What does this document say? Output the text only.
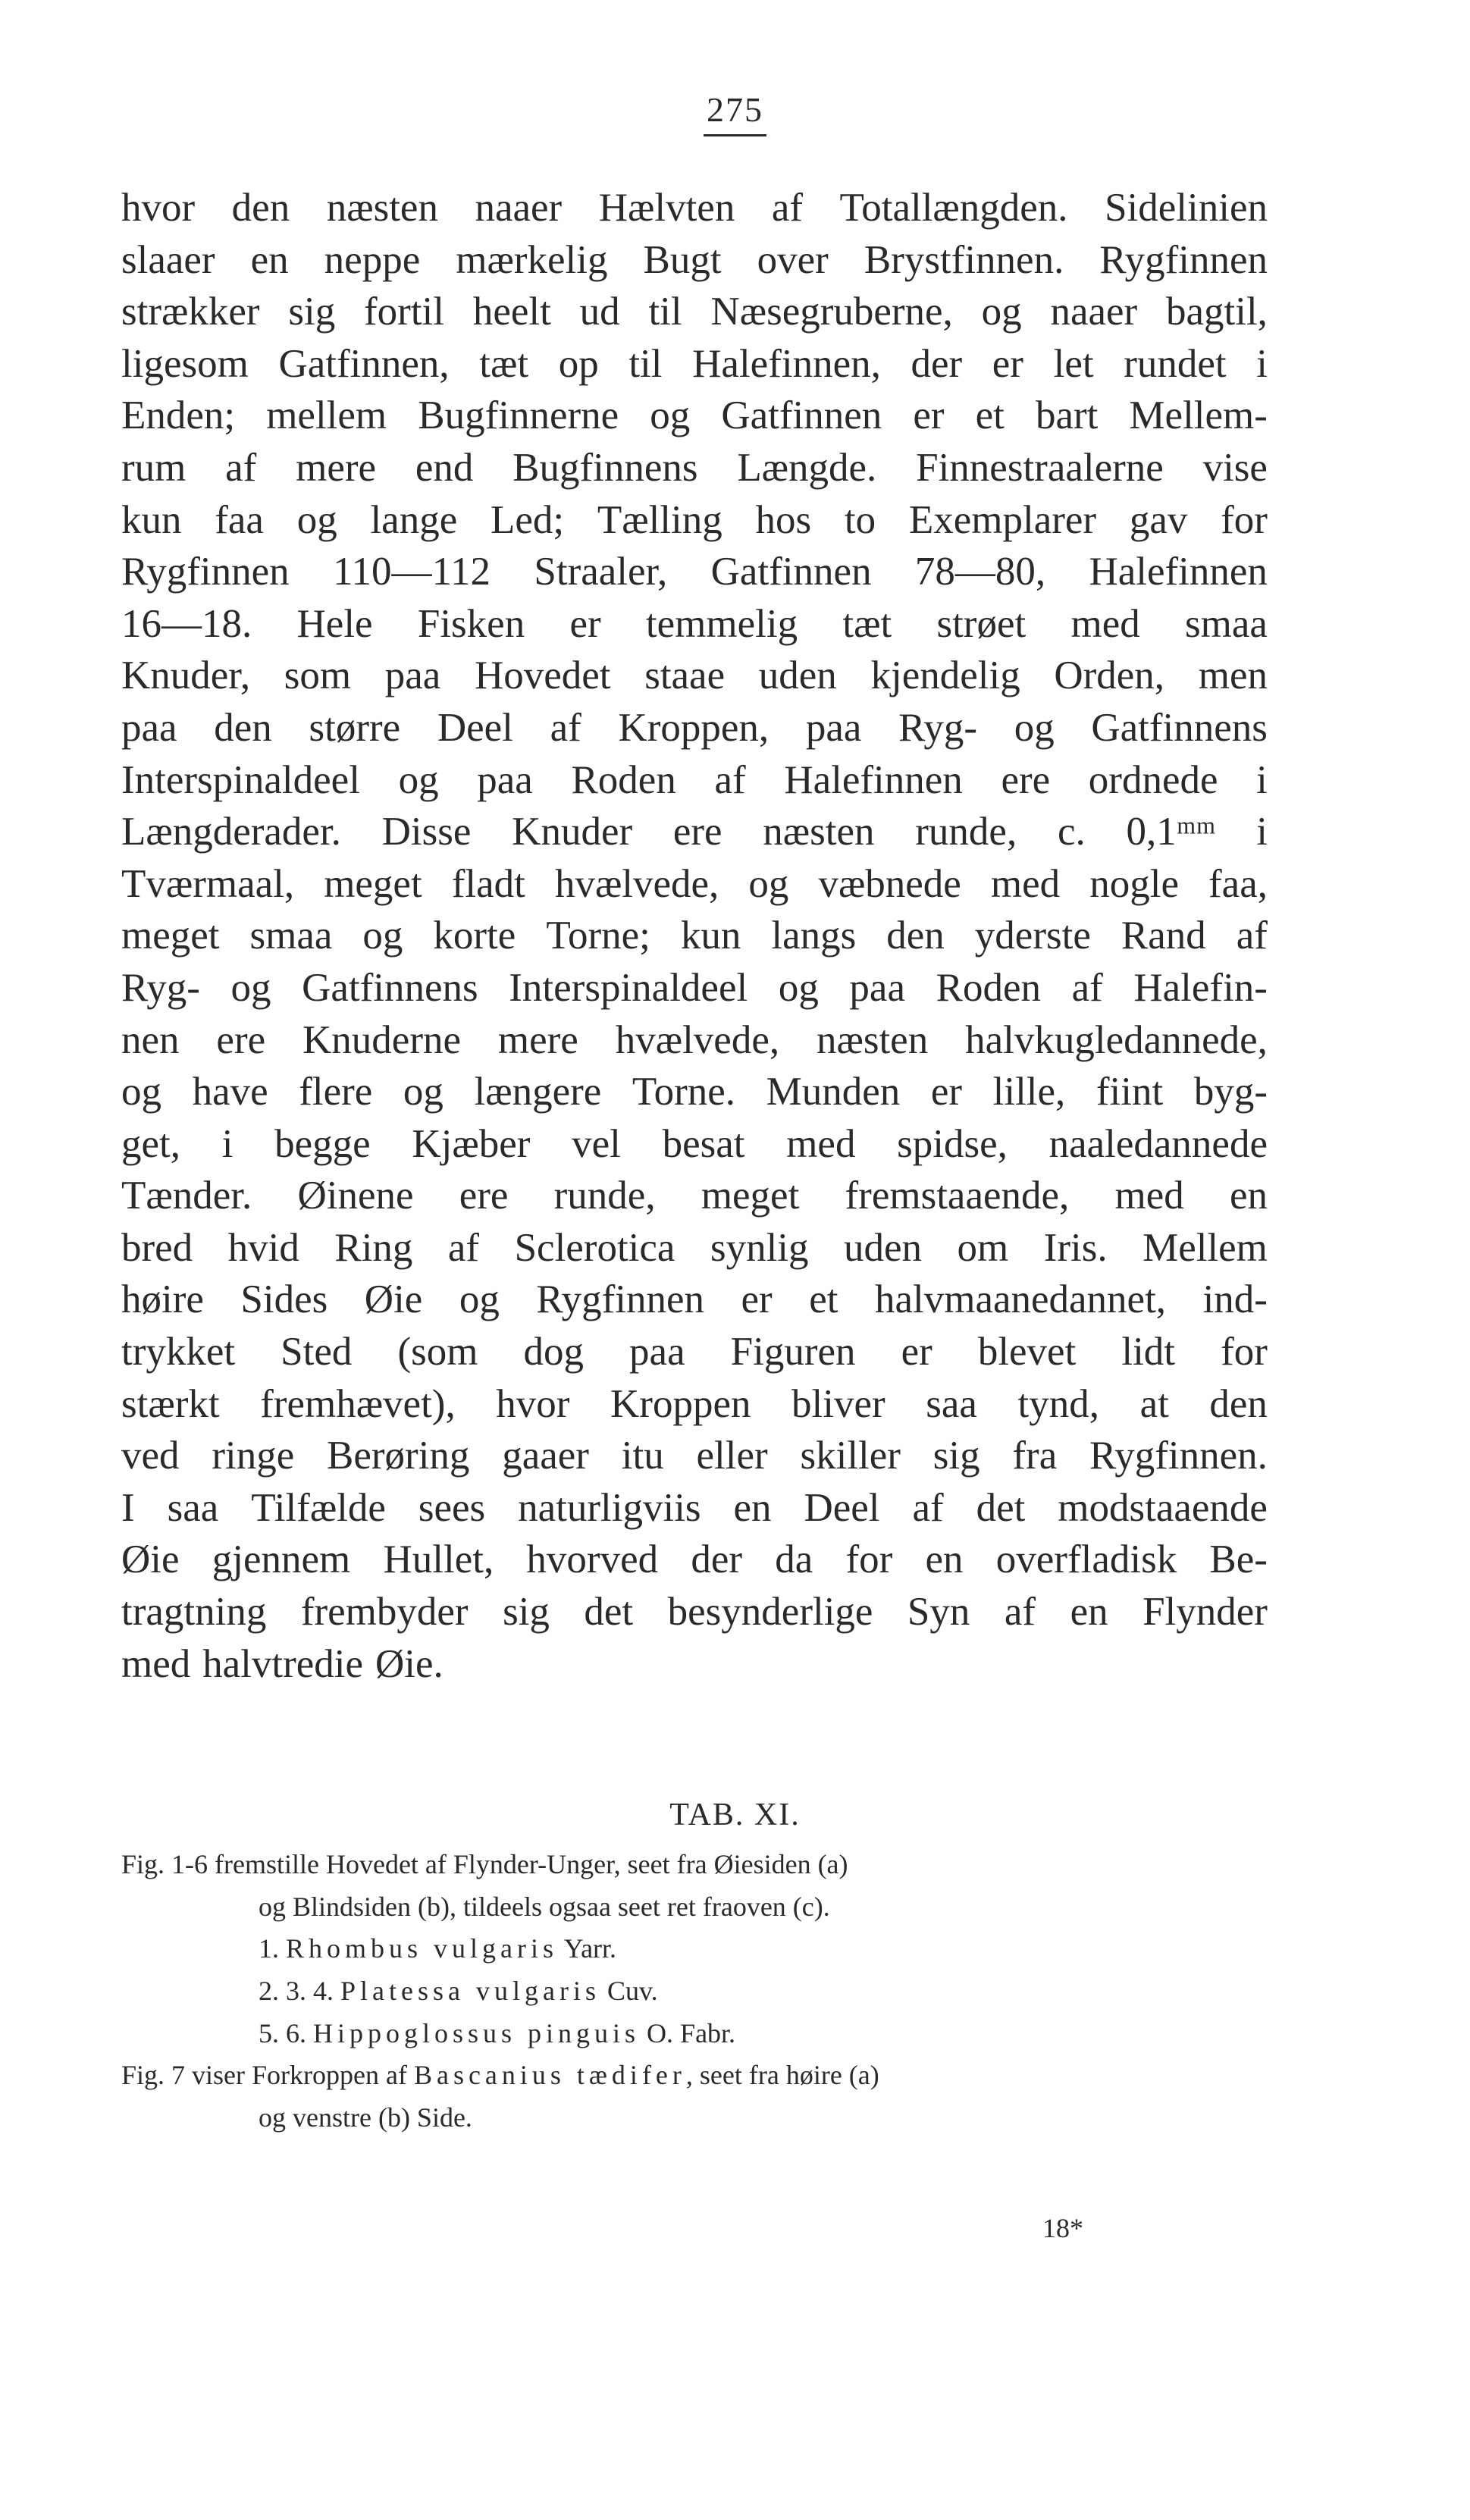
275
hvor den næsten naaer Hælvten af Totallængden. Sidelinien
slaaer en neppe mærkelig Bugt over Brystfinnen. Rygfinnen
strækker sig fortil heelt ud til Næsegruberne, og naaer bagtil,
ligesom Gatfinnen, tæt op til Halefinnen, der er let rundet i
Enden; mellem Bugfinnerne og Gatfinnen er et bart Mellem-
rum af mere end Bugfinnens Længde. Finnestraalerne vise
kun faa og lange Led; Tælling hos to Exemplarer gav for
Rygfinnen 110—112 Straaler, Gatfinnen 78—80, Halefinnen
16—18. Hele Fisken er temmelig tæt strøet med smaa
Knuder, som paa Hovedet staae uden kjendelig Orden, men
paa den større Deel af Kroppen, paa Ryg- og Gatfinnens
Interspinaldeel og paa Roden af Halefinnen ere ordnede i
Længderader. Disse Knuder ere næsten runde, c. 0,1ᵐᵐ i
Tværmaal, meget fladt hvælvede, og væbnede med nogle faa,
meget smaa og korte Torne; kun langs den yderste Rand af
Ryg- og Gatfinnens Interspinaldeel og paa Roden af Halefin-
nen ere Knuderne mere hvælvede, næsten halvkugledannede,
og have flere og længere Torne. Munden er lille, fiint byg-
get, i begge Kjæber vel besat med spidse, naaledannede
Tænder. Øinene ere runde, meget fremstaaende, med en
bred hvid Ring af Sclerotica synlig uden om Iris. Mellem
høire Sides Øie og Rygfinnen er et halvmaanedannet, ind-
trykket Sted (som dog paa Figuren er blevet lidt for
stærkt fremhævet), hvor Kroppen bliver saa tynd, at den
ved ringe Berøring gaaer itu eller skiller sig fra Rygfinnen.
I saa Tilfælde sees naturligviis en Deel af det modstaaende
Øie gjennem Hullet, hvorved der da for en overfladisk Be-
tragtning frembyder sig det besynderlige Syn af en Flynder
med halvtredie Øie.
TAB. XI.
Fig. 1-6 fremstille Hovedet af Flynder-Unger, seet fra Øiesiden (a)
og Blindsiden (b), tildeels ogsaa seet ret fraoven (c).
1. Rhombus vulgaris Yarr.
2. 3. 4. Platessa vulgaris Cuv.
5. 6. Hippoglossus pinguis O. Fabr.
Fig. 7 viser Forkroppen af Bascanius tædifer, seet fra høire (a)
og venstre (b) Side.
18*
